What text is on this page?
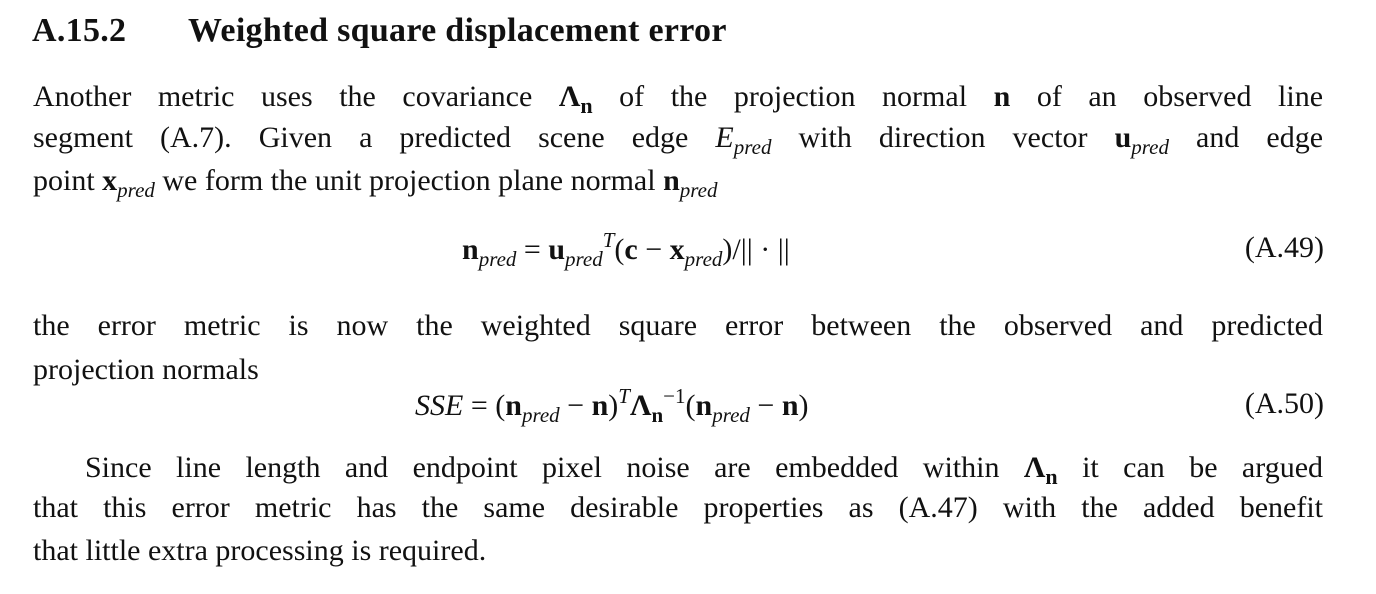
A.15.2 Weighted square displacement error
Another metric uses the covariance $\Lambda_n$ of the projection normal n of an observed line
segment (A.7). Given a predicted scene edge $E_{pred}$ with direction vector $u_{pred}$ and edge
point $x_{pred}$ we form the unit projection plane normal $n_{pred}$
$n_{pred} = u_{pred}^T(c - x_{pred})/||$ · ||	(A.49)
the error metric is now the weighted square error between the observed and predicted
projection normals
SSE = $(n_{pred} - n)^T\Lambda_n^{-1}(n_{pred} - n)$	(A.50)
Since line length and endpoint pixel noise are embedded within $\Lambda_n$ it can be argued
that this error metric has the same desirable properties as (A.47) with the added benefit
that little extra processing is required.
